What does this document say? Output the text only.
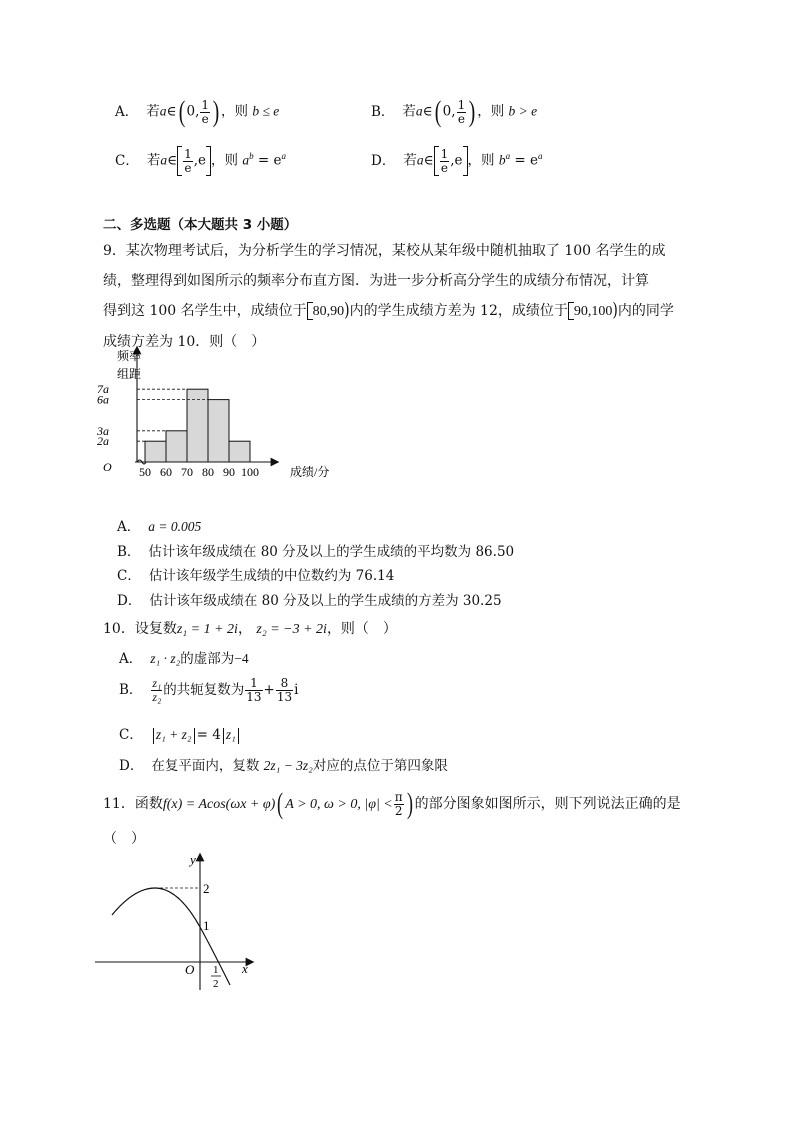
A． 若a∈( 0, $\frac{1}{e}$ ) ，则 b ≤ e	B． 若a∈( 0, $\frac{1}{e}$ ) ，则 b > e
C． 若a∈ $\frac{1}{e} ,e$ ，则 $a^b = e^a$	D． 若a∈ $\frac{1}{e} ,e$ ，则 $b^a = e^a$
二、多选题（本大题共 3 小题）
9．某次物理考试后，为分析学生的学习情况，某校从某年级中随机抽取了 100 名学生的成
绩，整理得到如图所示的频率分布直方图．为进一步分析高分学生的成绩分布情况，计算
得到这 100 名学生中，成绩位于 80,90)内的学生成绩方差为 12，成绩位于 90,100)内的同学
成绩方差为 10．则（　）
2a
3a
6a
7a
50 60 70 80 90 100	成绩/分
O
频率
组距
A． a = 0.005
B． 估计该年级成绩在 80 分及以上的学生成绩的平均数为 86.50
C． 估计该年级学生成绩的中位数约为 76.14
D． 估计该年级成绩在 80 分及以上的学生成绩的方差为 30.25
10．设复数z₁ = 1 + 2i， z₂ = −3 + 2i，则（　）
A． z₁ · z₂的虚部为−4
B． $\frac{\text{z₁}}{\text{z₂}}$ 的共轭复数为 $\frac{1}{13} + \frac{8}{13}$ i
C． z₁ + z₂ = 4 z₁
D． 在复平面内，复数 2z₁ − 3z₂对应的点位于第四象限
11．函数f(x) = Acos(ωx + φ)( A > 0, ω > 0, $|\varphi| < \frac{\pi}{2}$ ) 的部分图象如图所示，则下列说法正确的是
（　）
y
x
O
2
1
1
2
